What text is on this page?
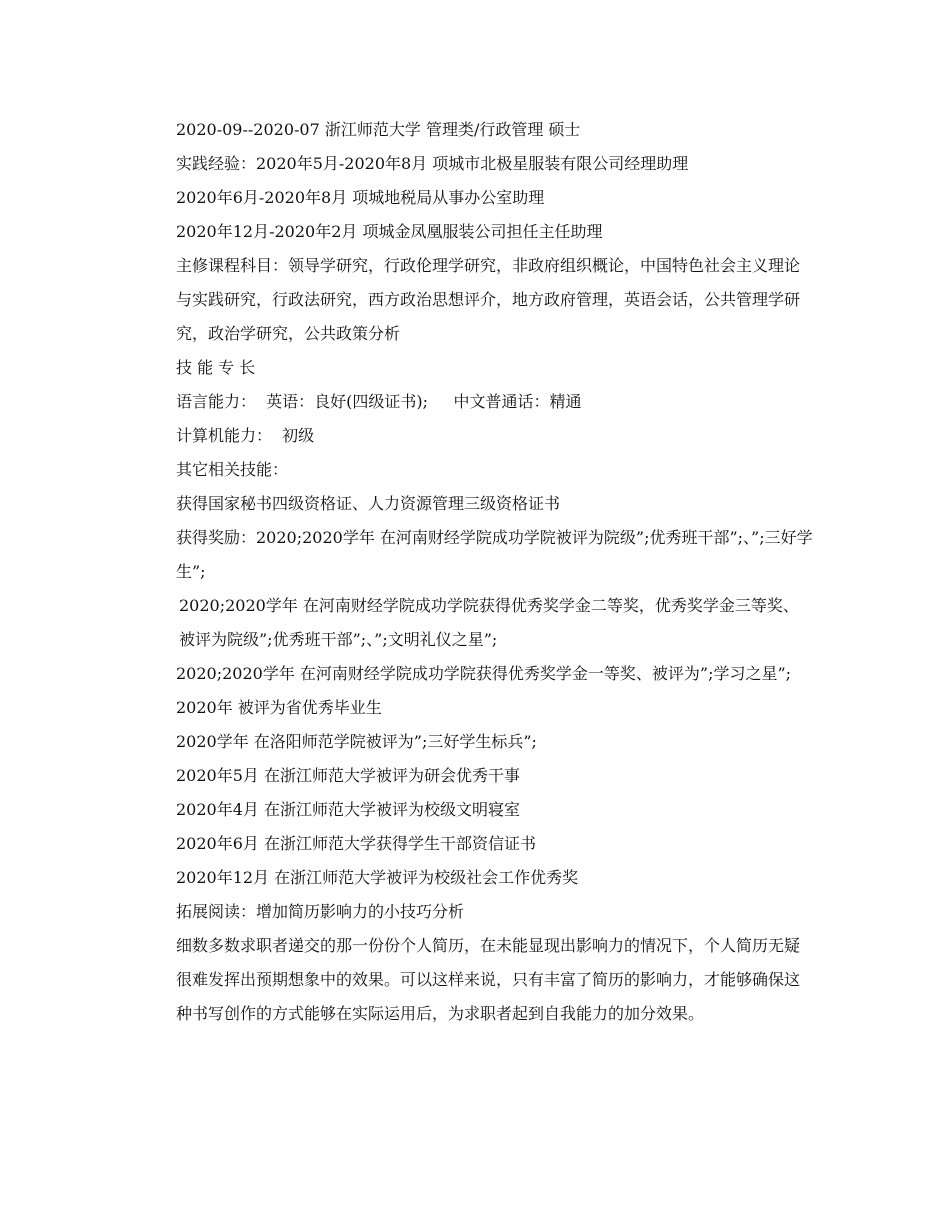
2020-09--2020-07 浙江师范大学 管理类/行政管理 硕士

实践经验：2020年5月-2020年8月 项城市北极星服装有限公司经理助理

2020年6月-2020年8月 项城地税局从事办公室助理

2020年12月-2020年2月 项城金凤凰服装公司担任主任助理

主修课程科目：领导学研究，行政伦理学研究，非政府组织概论，中国特色社会主义理论与实践研究，行政法研究，西方政治思想评介，地方政府管理，英语会话，公共管理学研究，政治学研究，公共政策分析

技 能 专 长

语言能力：  英语：良好(四级证书);     中文普通话：精通

计算机能力：  初级

其它相关技能：

获得国家秘书四级资格证、人力资源管理三级资格证书

获得奖励：2020;2020学年 在河南财经学院成功学院被评为院级”;优秀班干部”;、”;三好学生”;

2020;2020学年 在河南财经学院成功学院获得优秀奖学金二等奖，优秀奖学金三等奖、被评为院级”;优秀班干部”;、”;文明礼仪之星”;

2020;2020学年 在河南财经学院成功学院获得优秀奖学金一等奖、被评为”;学习之星”;

2020年 被评为省优秀毕业生

2020学年 在洛阳师范学院被评为”;三好学生标兵”;

2020年5月 在浙江师范大学被评为研会优秀干事

2020年4月 在浙江师范大学被评为校级文明寝室

2020年6月 在浙江师范大学获得学生干部资信证书

2020年12月 在浙江师范大学被评为校级社会工作优秀奖

拓展阅读：增加简历影响力的小技巧分析

细数多数求职者递交的那一份份个人简历，在未能显现出影响力的情况下，个人简历无疑很难发挥出预期想象中的效果。可以这样来说，只有丰富了简历的影响力，才能够确保这种书写创作的方式能够在实际运用后，为求职者起到自我能力的加分效果。
